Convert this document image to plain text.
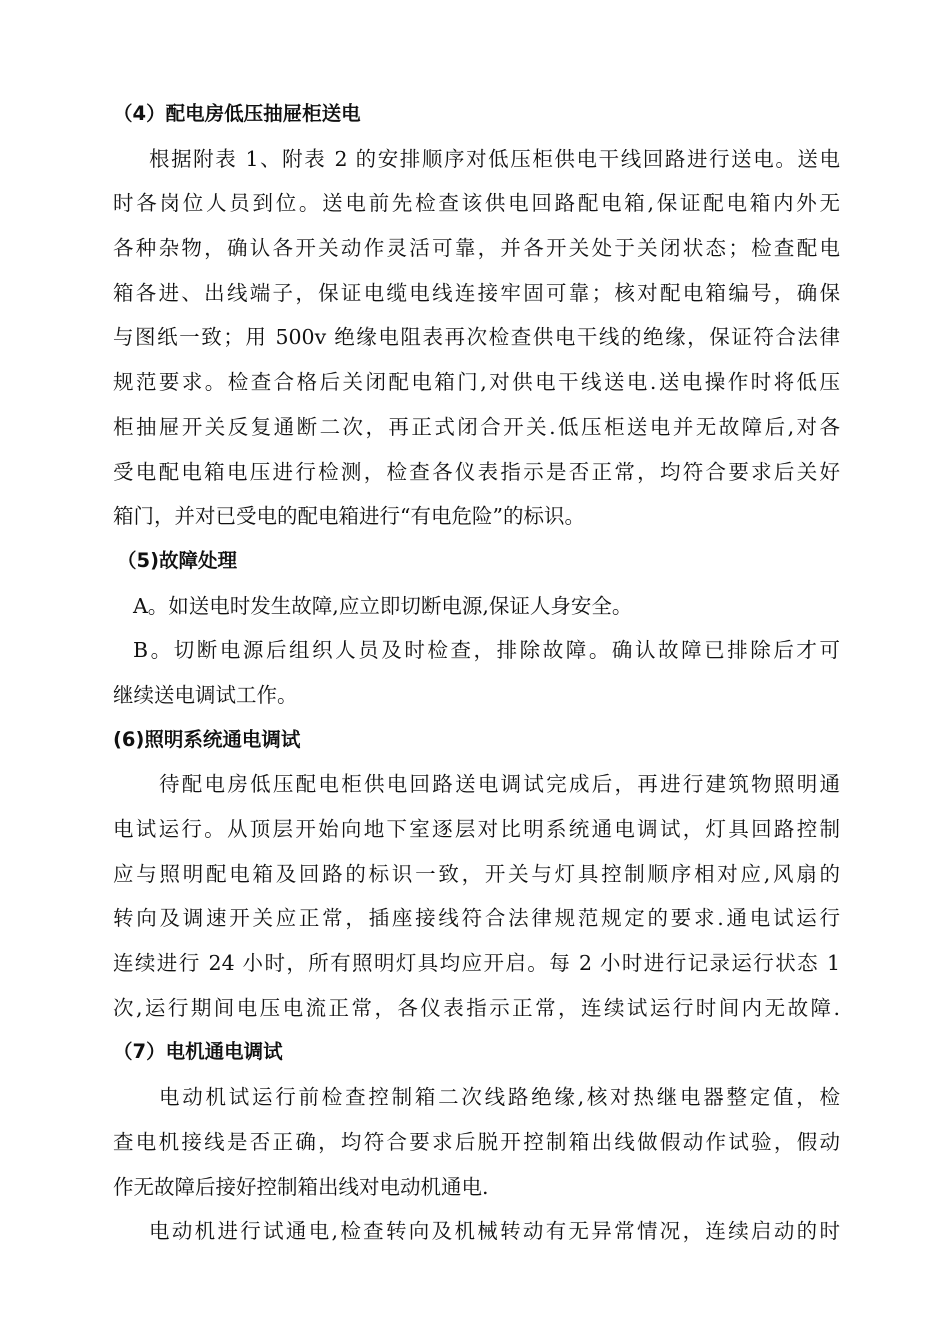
（4）配电房低压抽屉柜送电
根据附表 1、附表 2 的安排顺序对低压柜供电干线回路进行送电。送电
时各岗位人员到位。送电前先检查该供电回路配电箱,保证配电箱内外无
各种杂物，确认各开关动作灵活可靠，并各开关处于关闭状态；检查配电
箱各进、出线端子，保证电缆电线连接牢固可靠；核对配电箱编号，确保
与图纸一致；用 500v 绝缘电阻表再次检查供电干线的绝缘，保证符合法律
规范要求。检查合格后关闭配电箱门,对供电干线送电.送电操作时将低压
柜抽屉开关反复通断二次，再正式闭合开关.低压柜送电并无故障后,对各
受电配电箱电压进行检测，检查各仪表指示是否正常，均符合要求后关好
箱门，并对已受电的配电箱进行“有电危险”的标识。
（5)故障处理
A。如送电时发生故障,应立即切断电源,保证人身安全。
B。切断电源后组织人员及时检查，排除故障。确认故障已排除后才可
继续送电调试工作。
(6)照明系统通电调试
待配电房低压配电柜供电回路送电调试完成后，再进行建筑物照明通
电试运行。从顶层开始向地下室逐层对比明系统通电调试，灯具回路控制
应与照明配电箱及回路的标识一致，开关与灯具控制顺序相对应,风扇的
转向及调速开关应正常，插座接线符合法律规范规定的要求.通电试运行
连续进行 24 小时，所有照明灯具均应开启。每 2 小时进行记录运行状态 1
次,运行期间电压电流正常，各仪表指示正常，连续试运行时间内无故障.
（7）电机通电调试
电动机试运行前检查控制箱二次线路绝缘,核对热继电器整定值，检
查电机接线是否正确，均符合要求后脱开控制箱出线做假动作试验，假动
作无故障后接好控制箱出线对电动机通电.
电动机进行试通电,检查转向及机械转动有无异常情况，连续启动的时
